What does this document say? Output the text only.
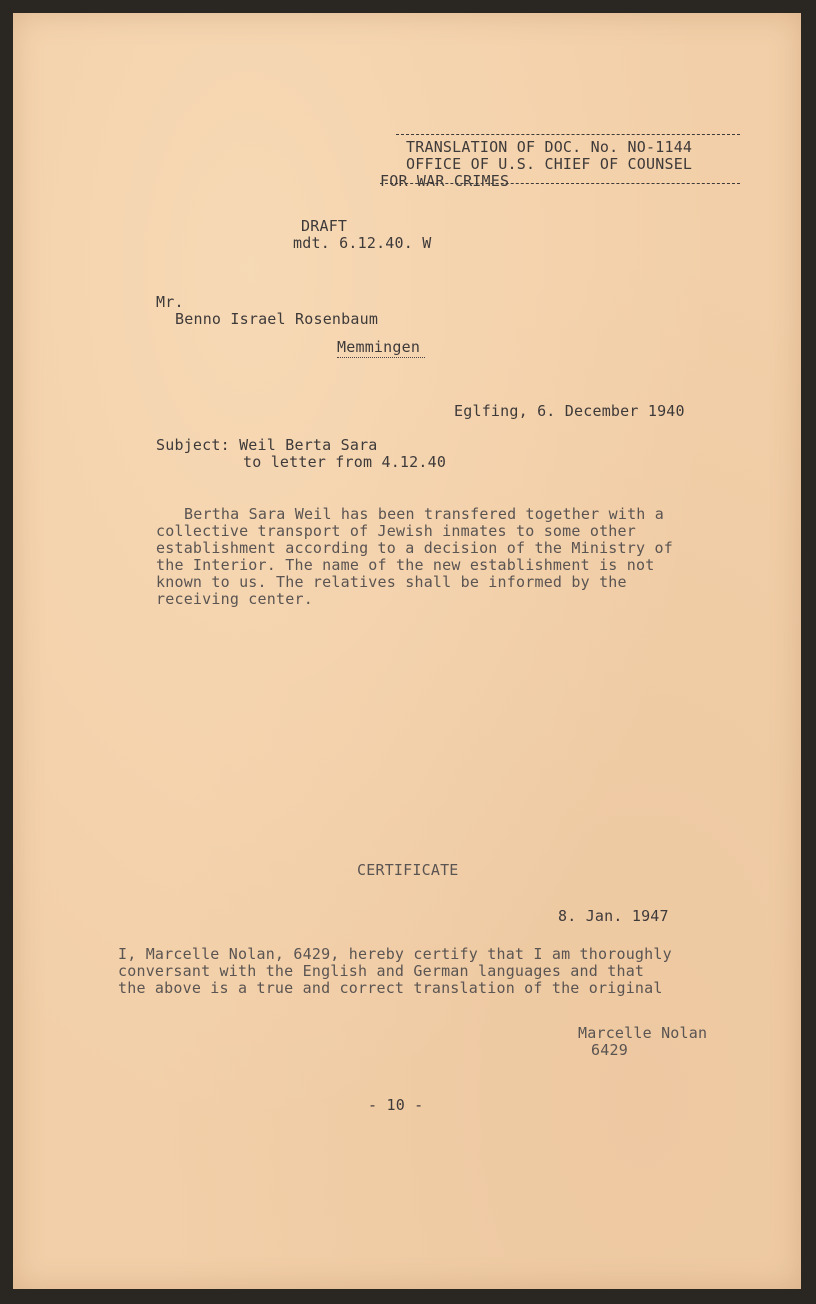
TRANSLATION OF DOC. No. NO-1144
OFFICE OF U.S. CHIEF OF COUNSEL
FOR WAR CRIMES
DRAFT
mdt. 6.12.40. W
Mr.
Benno Israel Rosenbaum
Memmingen
Eglfing, 6. December 1940
Subject: Weil Berta Sara
to letter from 4.12.40
Bertha Sara Weil has been transfered together with a
collective transport of Jewish inmates to some other
establishment according to a decision of the Ministry of
the Interior. The name of the new establishment is not
known to us. The relatives shall be informed by the
receiving center.
CERTIFICATE
8. Jan. 1947
I, Marcelle Nolan, 6429, hereby certify that I am thoroughly
conversant with the English and German languages and that
the above is a true and correct translation of the original
Marcelle Nolan
6429
- 10 -
